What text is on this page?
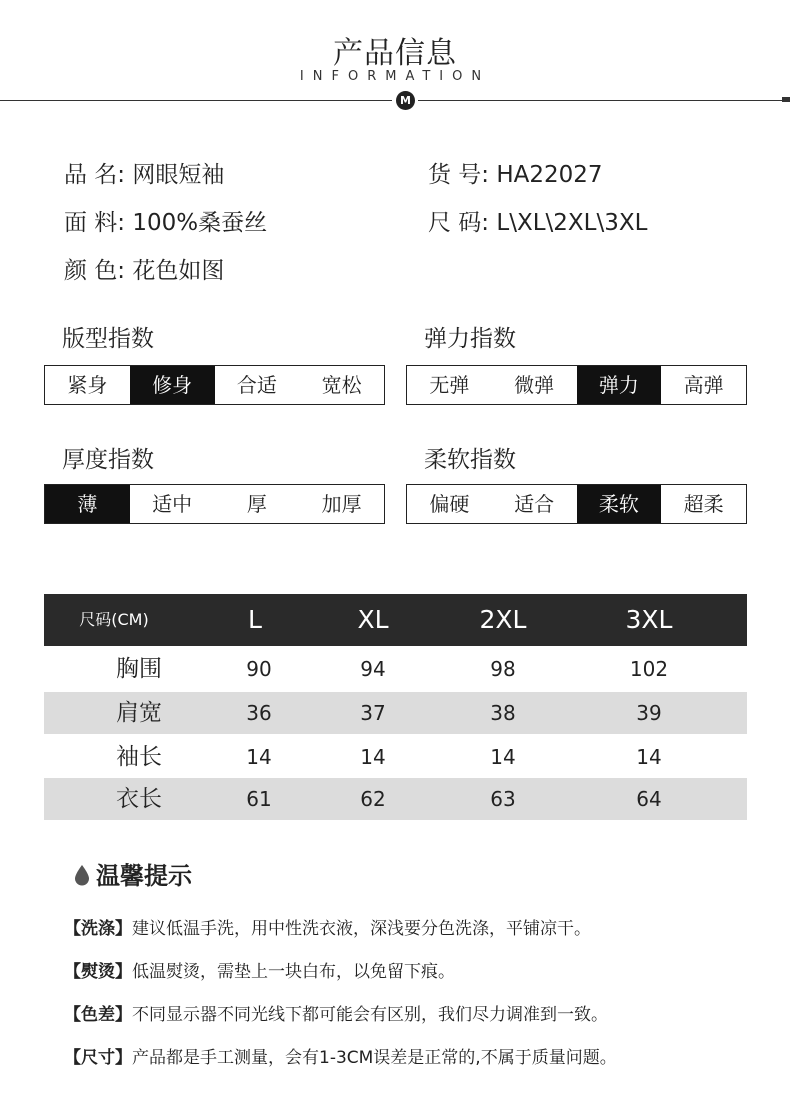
产品信息
INFORMATION
M
品 名: 网眼短袖	货 号: HA22027
面 料: 100%桑蚕丝	尺 码: L\XL\2XL\3XL
颜 色: 花色如图
版型指数
紧身	修身	合适	宽松
弹力指数
无弹	微弹	弹力	高弹
厚度指数
薄	适中	厚	加厚
柔软指数
偏硬	适合	柔软	超柔
尺码(CM)	L	XL	2XL	3XL
胸围	90	94	98	102
肩宽	36	37	38	39
袖长	14	14	14	14
衣长	61	62	63	64
温馨提示
【洗涤】建议低温手洗，用中性洗衣液，深浅要分色洗涤，平铺凉干。
【熨烫】低温熨烫，需垫上一块白布，以免留下痕。
【色差】不同显示器不同光线下都可能会有区别，我们尽力调准到一致。
【尺寸】产品都是手工测量，会有1-3CM误差是正常的,不属于质量问题。
